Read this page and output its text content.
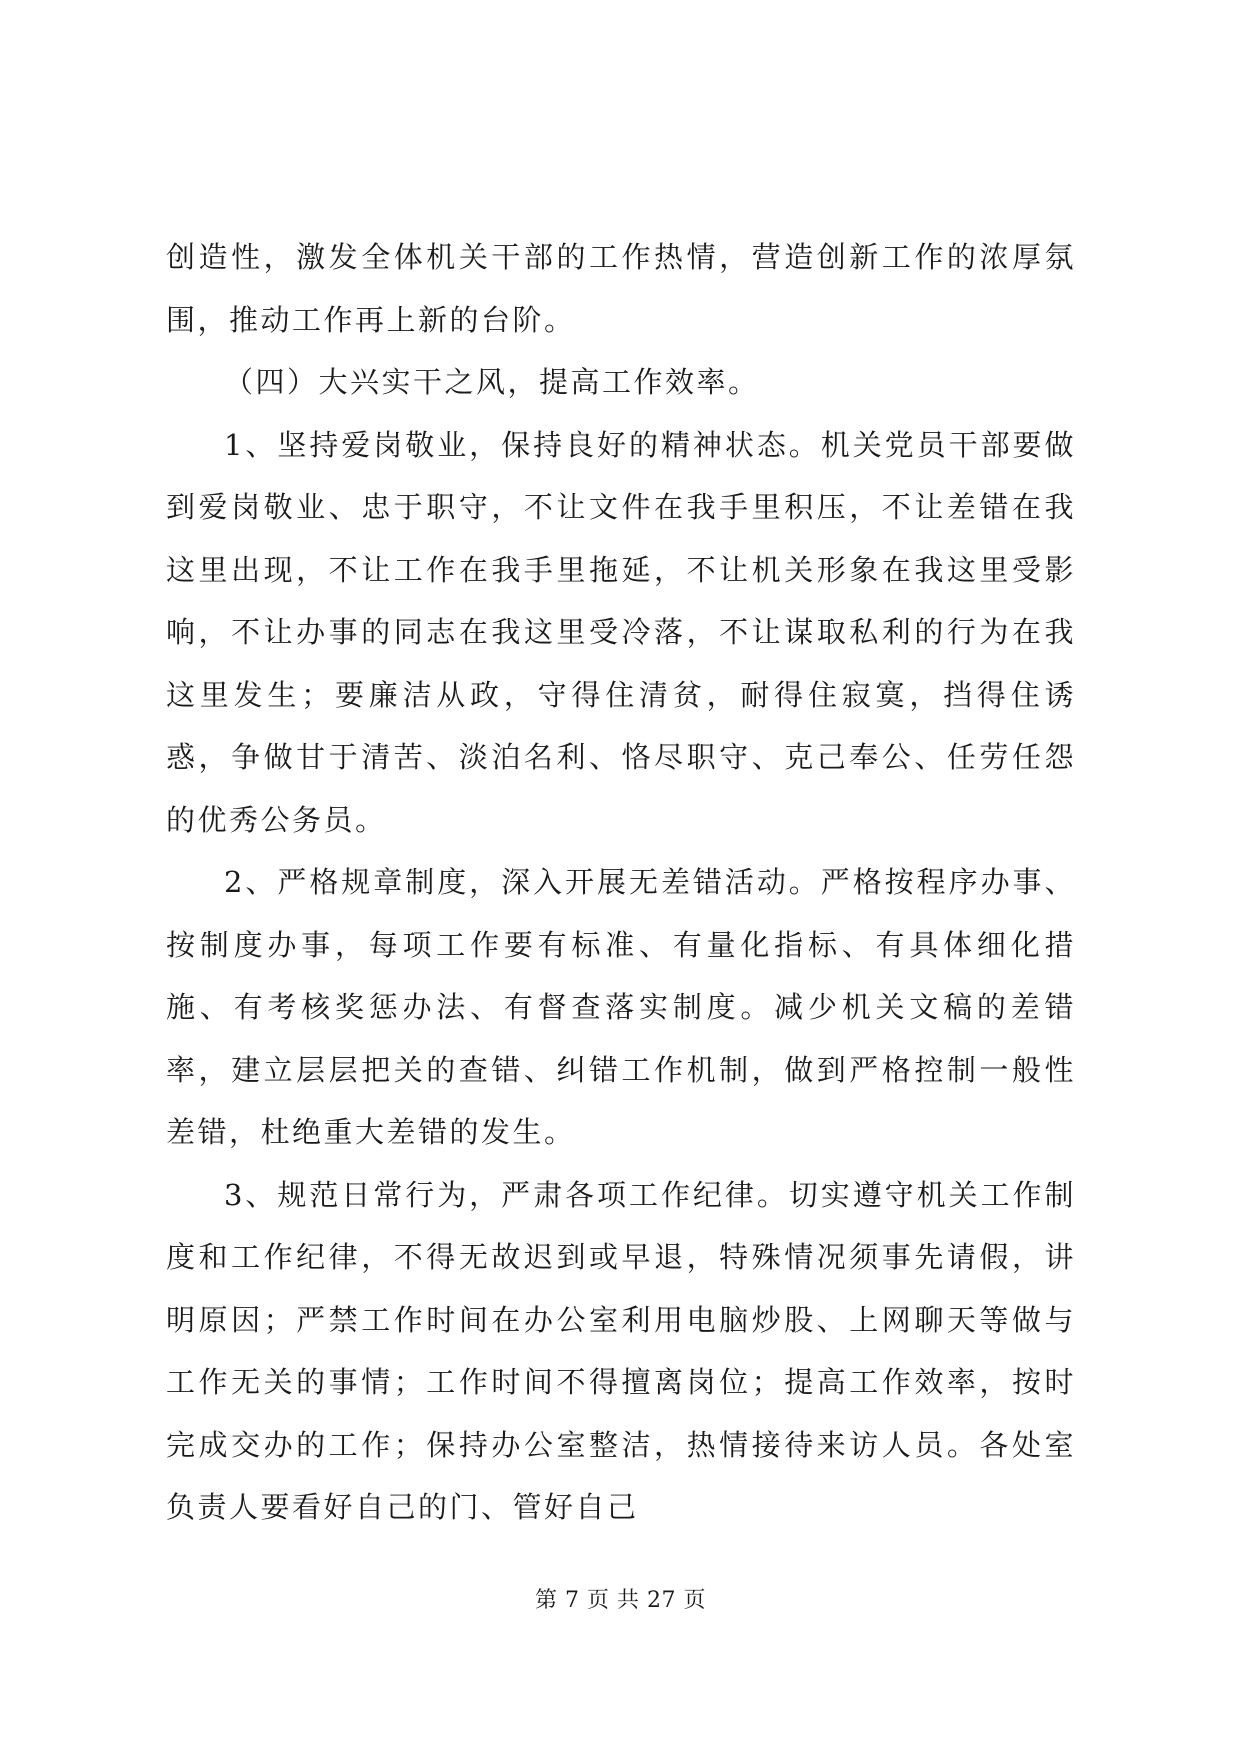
创造性，激发全体机关干部的工作热情，营造创新工作的浓厚氛围，推动工作再上新的台阶。

（四）大兴实干之风，提高工作效率。

1、坚持爱岗敬业，保持良好的精神状态。机关党员干部要做到爱岗敬业、忠于职守，不让文件在我手里积压，不让差错在我这里出现，不让工作在我手里拖延，不让机关形象在我这里受影响，不让办事的同志在我这里受冷落，不让谋取私利的行为在我这里发生；要廉洁从政，守得住清贫，耐得住寂寞，挡得住诱惑，争做甘于清苦、淡泊名利、恪尽职守、克己奉公、任劳任怨的优秀公务员。

2、严格规章制度，深入开展无差错活动。严格按程序办事、按制度办事，每项工作要有标准、有量化指标、有具体细化措施、有考核奖惩办法、有督查落实制度。减少机关文稿的差错率，建立层层把关的查错、纠错工作机制，做到严格控制一般性差错，杜绝重大差错的发生。

3、规范日常行为，严肃各项工作纪律。切实遵守机关工作制度和工作纪律，不得无故迟到或早退，特殊情况须事先请假，讲明原因；严禁工作时间在办公室利用电脑炒股、上网聊天等做与工作无关的事情；工作时间不得擅离岗位；提高工作效率，按时完成交办的工作；保持办公室整洁，热情接待来访人员。各处室负责人要看好自己的门、管好自己

第 7 页 共 27 页
